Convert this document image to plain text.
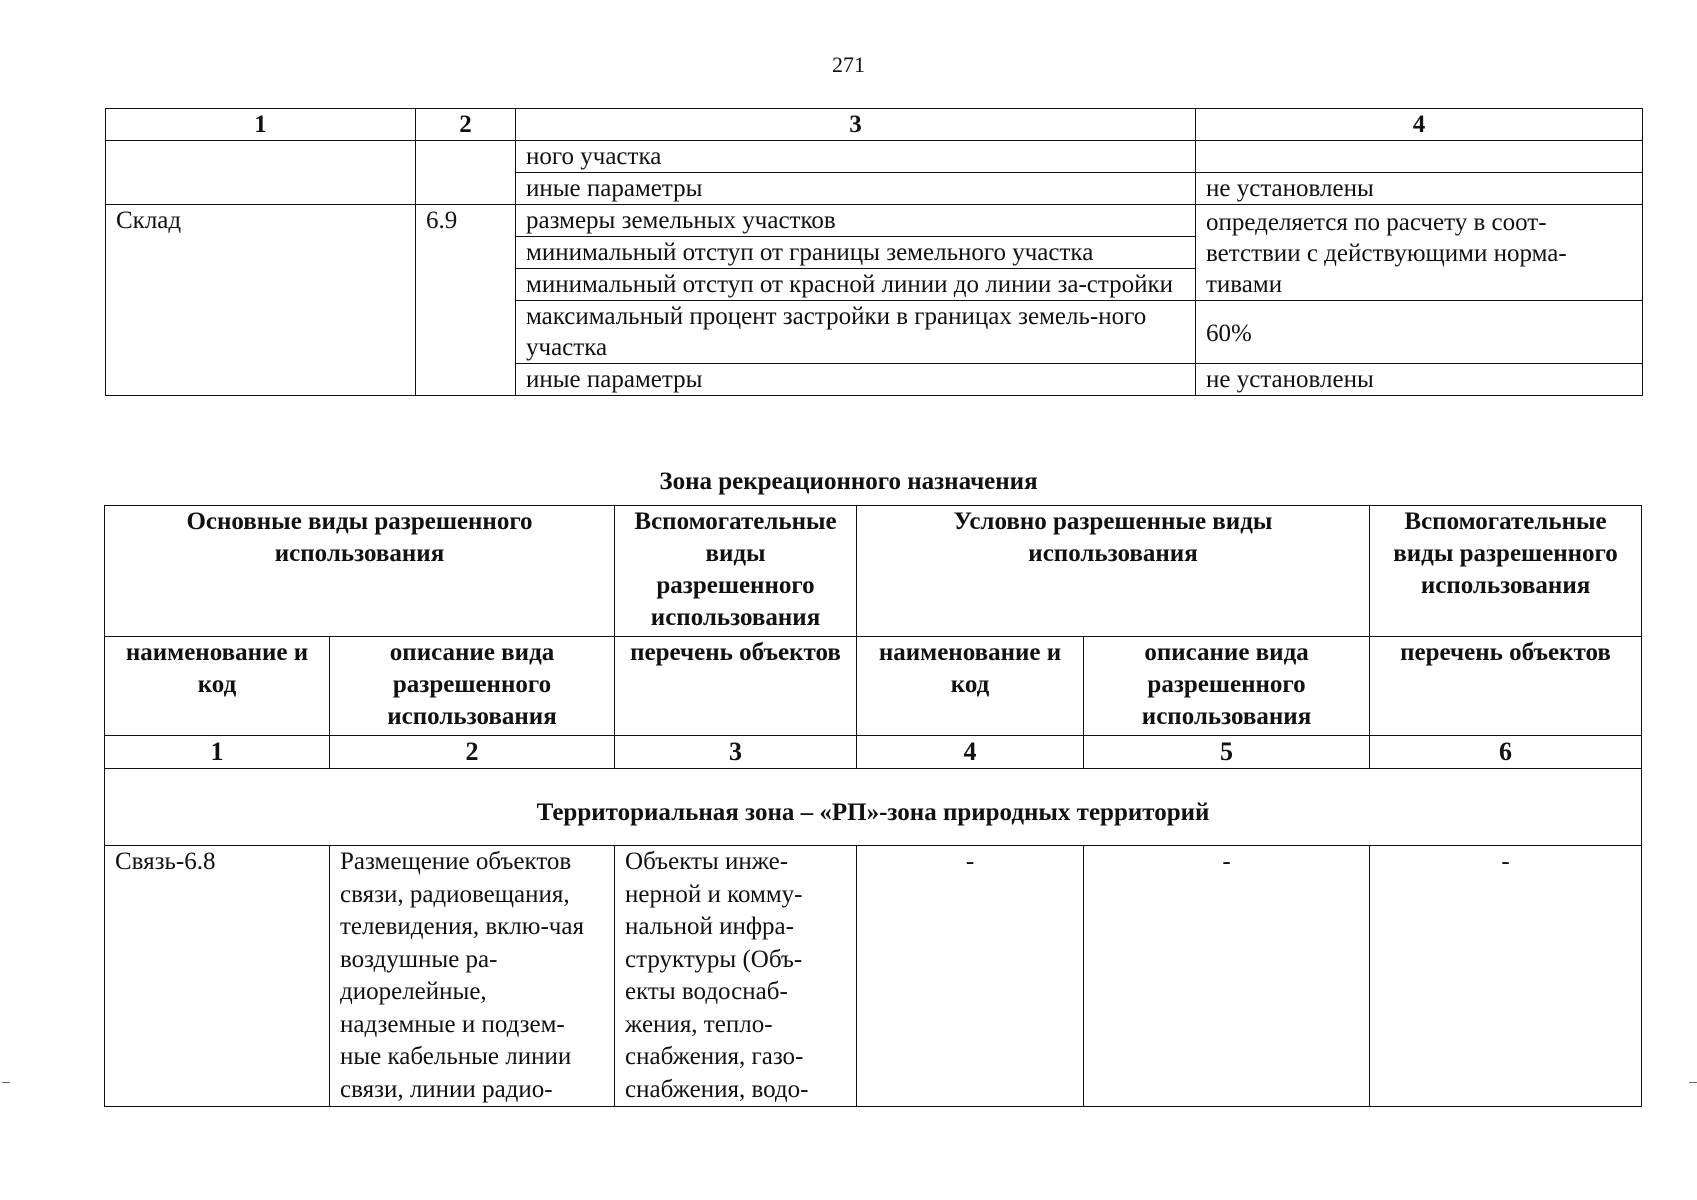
271
1	2	3	4
		ного участка	
		иные параметры	не установлены
Склад	6.9	размеры земельных участков	определяется по расчету в соот-ветствии с действующими норма-тивами
		минимальный отступ от границы земельного участка	
		минимальный отступ от красной линии до линии за-стройки	
		максимальный процент застройки в границах земель-ного участка	60%
		иные параметры	не установлены
Зона рекреационного назначения
Основные виды разрешенного использования		Вспомогательные виды разрешенного использования	Условно разрешенные виды использования		Вспомогательные виды разрешенного использования
наименование и код	описание вида разрешенного использования	перечень объектов	наименование и код	описание вида разрешенного использования	перечень объектов
1	2	3	4	5	6
Территориальная зона – «РП»-зона природных территорий					
Связь-6.8	Размещение объектов связи, радиовещания, телевидения, вклю-чая воздушные ра-диорелейные, надземные и подзем-ные кабельные линии связи, линии радио-	Объекты инже-нерной и комму-нальной инфра-структуры (Объ-екты водоснаб-жения, тепло-снабжения, газо-снабжения, водо-	-	-	-
